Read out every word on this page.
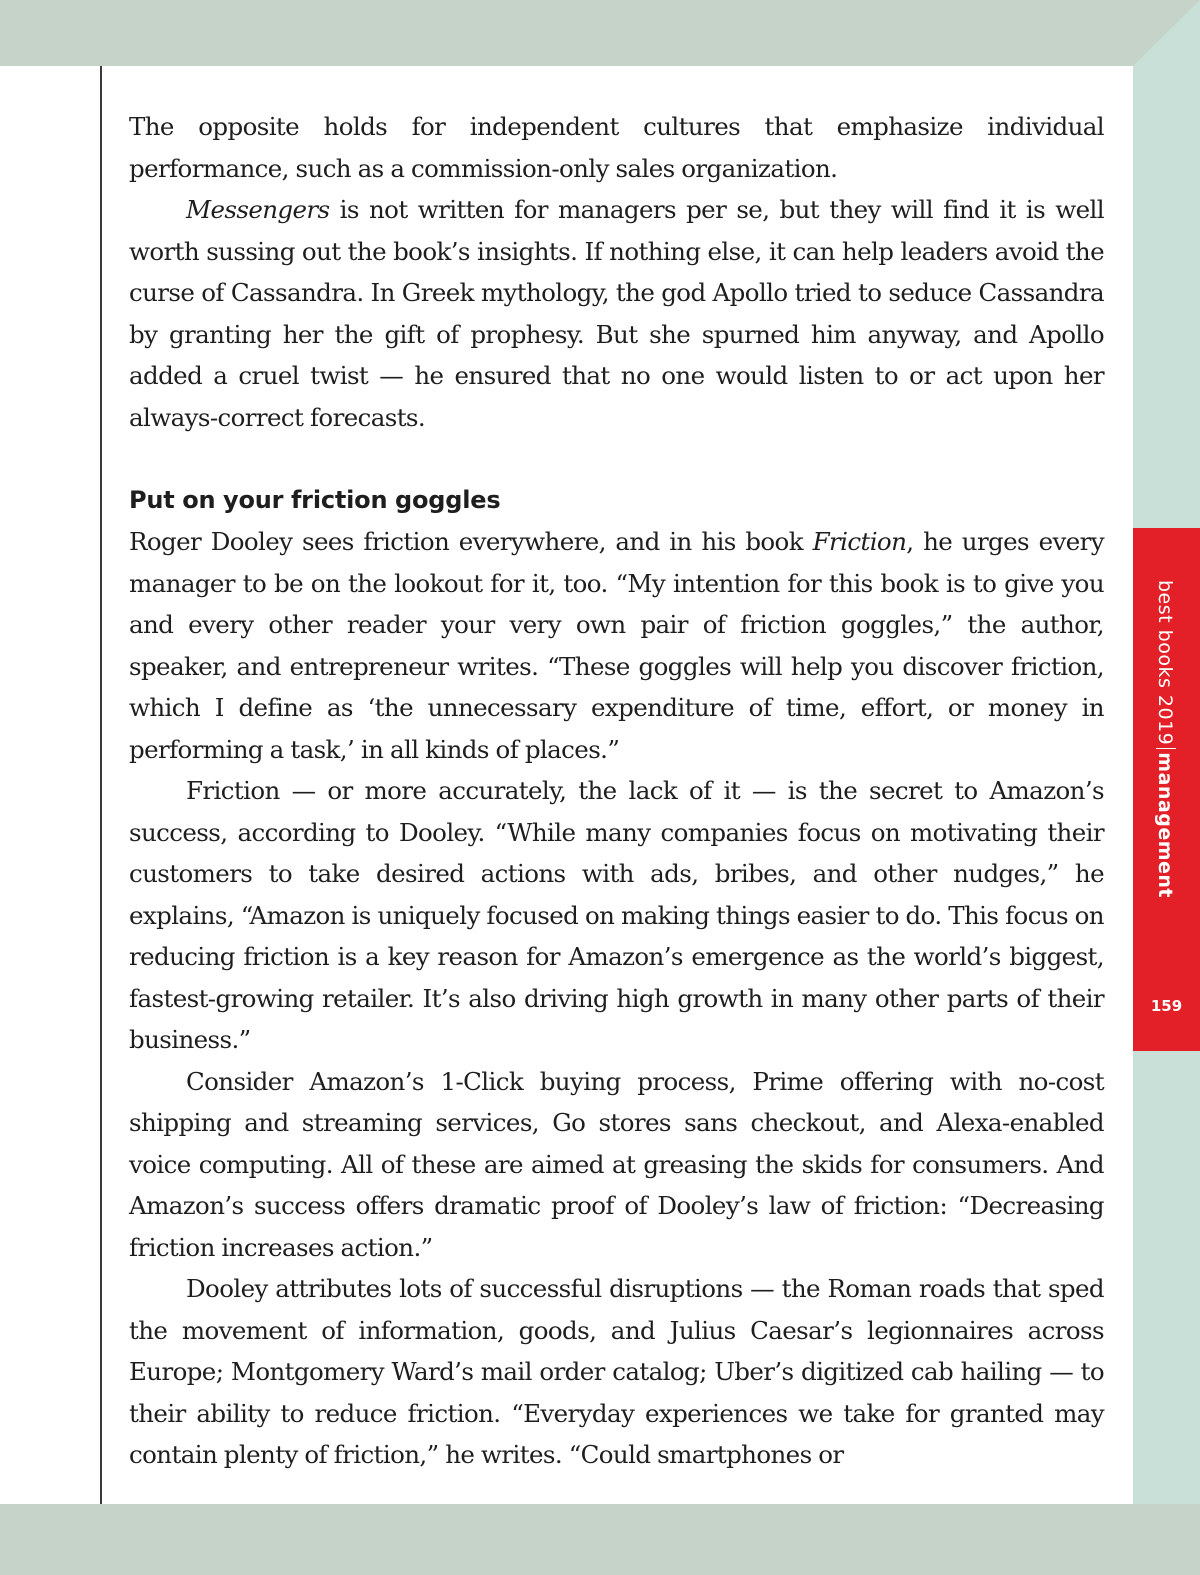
best books 2019management
159

The opposite holds for independent cultures that emphasize individual performance, such as a commission-only sales organization.

Messengers is not written for managers per se, but they will find it is well worth sussing out the book’s insights. If nothing else, it can help leaders avoid the curse of Cassandra. In Greek mythology, the god Apollo tried to seduce Cassandra by granting her the gift of prophesy. But she spurned him anyway, and Apollo added a cruel twist — he ensured that no one would listen to or act upon her always-correct forecasts.

Put on your friction goggles

Roger Dooley sees friction everywhere, and in his book Friction, he urges every manager to be on the lookout for it, too. “My intention for this book is to give you and every other reader your very own pair of friction goggles,” the author, speaker, and entrepreneur writes. “These goggles will help you discover friction, which I define as ‘the unnecessary expenditure of time, effort, or money in performing a task,’ in all kinds of places.”

Friction — or more accurately, the lack of it — is the secret to Amazon’s success, according to Dooley. “While many companies focus on motivating their customers to take desired actions with ads, bribes, and other nudges,” he explains, “Amazon is uniquely focused on making things easier to do. This focus on reducing friction is a key reason for Amazon’s emergence as the world’s biggest, fastest-growing retailer. It’s also driving high growth in many other parts of their business.”

Consider Amazon’s 1-Click buying process, Prime offering with no-cost shipping and streaming services, Go stores sans checkout, and Alexa-enabled voice computing. All of these are aimed at greasing the skids for consumers. And Amazon’s success offers dramatic proof of Dooley’s law of friction: “Decreasing friction increases action.”

Dooley attributes lots of successful disruptions — the Roman roads that sped the movement of information, goods, and Julius Caesar’s legionnaires across Europe; Montgomery Ward’s mail order catalog; Uber’s digitized cab hailing — to their ability to reduce friction. “Everyday experiences we take for granted may contain plenty of friction,” he writes. “Could smartphones or
